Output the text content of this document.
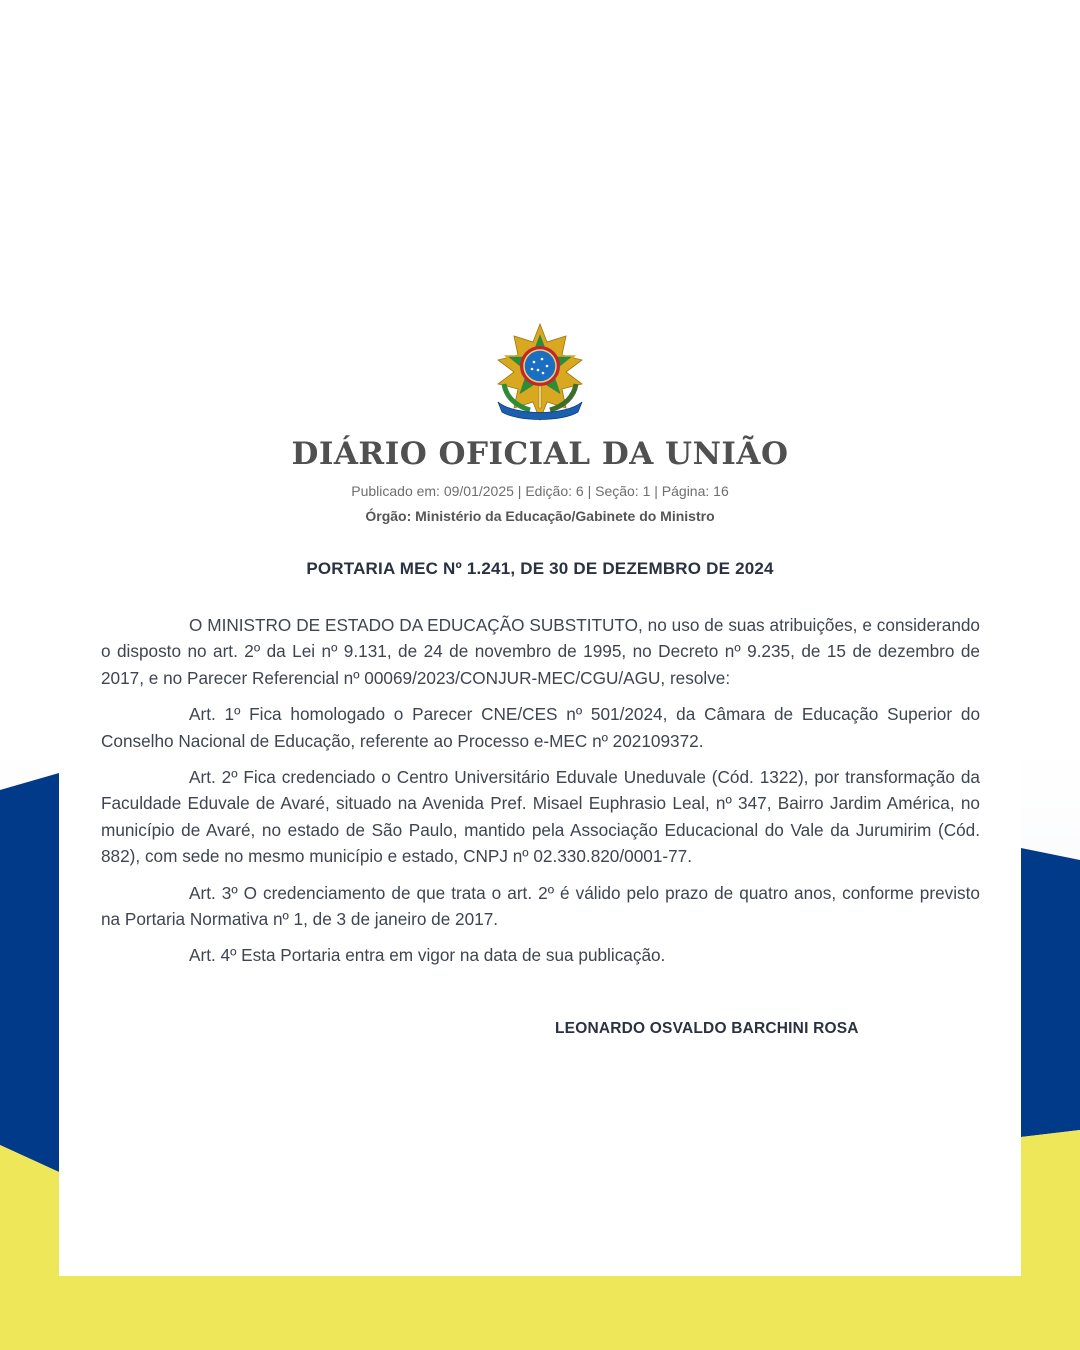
DIÁRIO OFICIAL DA UNIÃO
Publicado em: 09/01/2025 | Edição: 6 | Seção: 1 | Página: 16
Órgão: Ministério da Educação/Gabinete do Ministro
PORTARIA MEC Nº 1.241, DE 30 DE DEZEMBRO DE 2024

O MINISTRO DE ESTADO DA EDUCAÇÃO SUBSTITUTO, no uso de suas atribuições, e considerando o disposto no art. 2º da Lei nº 9.131, de 24 de novembro de 1995, no Decreto nº 9.235, de 15 de dezembro de 2017, e no Parecer Referencial nº 00069/2023/CONJUR-MEC/CGU/AGU, resolve:

Art. 1º Fica homologado o Parecer CNE/CES nº 501/2024, da Câmara de Educação Superior do Conselho Nacional de Educação, referente ao Processo e-MEC nº 202109372.

Art. 2º Fica credenciado o Centro Universitário Eduvale Uneduvale (Cód. 1322), por transformação da Faculdade Eduvale de Avaré, situado na Avenida Pref. Misael Euphrasio Leal, nº 347, Bairro Jardim América, no município de Avaré, no estado de São Paulo, mantido pela Associação Educacional do Vale da Jurumirim (Cód. 882), com sede no mesmo município e estado, CNPJ nº 02.330.820/0001-77.

Art. 3º O credenciamento de que trata o art. 2º é válido pelo prazo de quatro anos, conforme previsto na Portaria Normativa nº 1, de 3 de janeiro de 2017.

Art. 4º Esta Portaria entra em vigor na data de sua publicação.

LEONARDO OSVALDO BARCHINI ROSA
